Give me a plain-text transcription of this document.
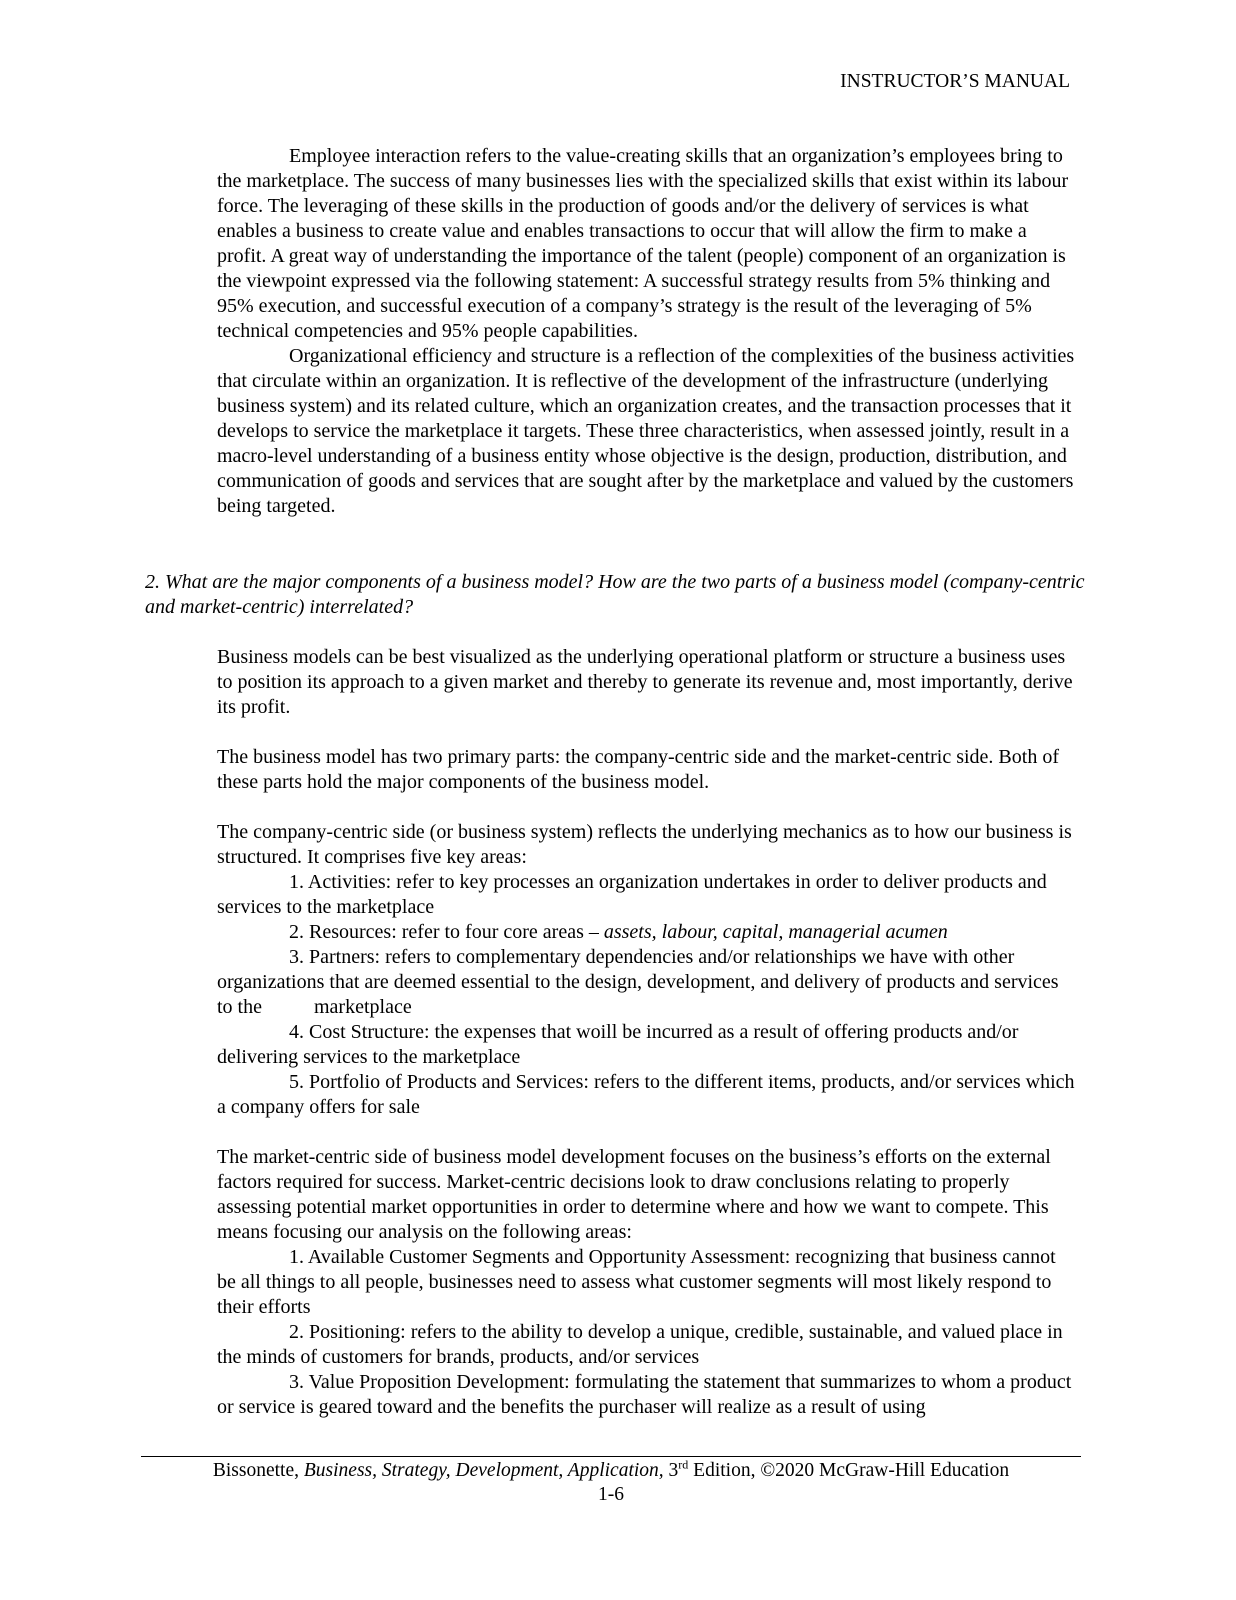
INSTRUCTOR’S MANUAL

Employee interaction refers to the value-creating skills that an organization’s employees bring to the marketplace. The success of many businesses lies with the specialized skills that exist within its labour force. The leveraging of these skills in the production of goods and/or the delivery of services is what enables a business to create value and enables transactions to occur that will allow the firm to make a profit. A great way of understanding the importance of the talent (people) component of an organization is the viewpoint expressed via the following statement: A successful strategy results from 5% thinking and 95% execution, and successful execution of a company’s strategy is the result of the leveraging of 5% technical competencies and 95% people capabilities.

Organizational efficiency and structure is a reflection of the complexities of the business activities that circulate within an organization. It is reflective of the development of the infrastructure (underlying business system) and its related culture, which an organization creates, and the transaction processes that it develops to service the marketplace it targets. These three characteristics, when assessed jointly, result in a macro-level understanding of a business entity whose objective is the design, production, distribution, and communication of goods and services that are sought after by the marketplace and valued by the customers being targeted.

2. What are the major components of a business model? How are the two parts of a business model (company-centric and market-centric) interrelated?

Business models can be best visualized as the underlying operational platform or structure a business uses to position its approach to a given market and thereby to generate its revenue and, most importantly, derive its profit.

The business model has two primary parts: the company-centric side and the market-centric side. Both of these parts hold the major components of the business model.

The company-centric side (or business system) reflects the underlying mechanics as to how our business is structured. It comprises five key areas:

1. Activities: refer to key processes an organization undertakes in order to deliver products and services to the marketplace

2. Resources: refer to four core areas – assets, labour, capital, managerial acumen

3. Partners: refers to complementary dependencies and/or relationships we have with other organizations that are deemed essential to the design, development, and delivery of products and services to the	marketplace

4. Cost Structure: the expenses that woill be incurred as a result of offering products and/or delivering services to the marketplace

5. Portfolio of Products and Services: refers to the different items, products, and/or services which a company offers for sale

The market-centric side of business model development focuses on the business’s efforts on the external factors required for success. Market-centric decisions look to draw conclusions relating to properly assessing potential market opportunities in order to determine where and how we want to compete. This means focusing our analysis on the following areas:

1. Available Customer Segments and Opportunity Assessment: recognizing that business cannot be all things to all people, businesses need to assess what customer segments will most likely respond to their efforts

2. Positioning: refers to the ability to develop a unique, credible, sustainable, and valued place in the minds of customers for brands, products, and/or services

3. Value Proposition Development: formulating the statement that summarizes to whom a product or service is geared toward and the benefits the purchaser will realize as a result of using

Bissonette, Business, Strategy, Development, Application, 3rd Edition, ©2020 McGraw-Hill Education
1-6
